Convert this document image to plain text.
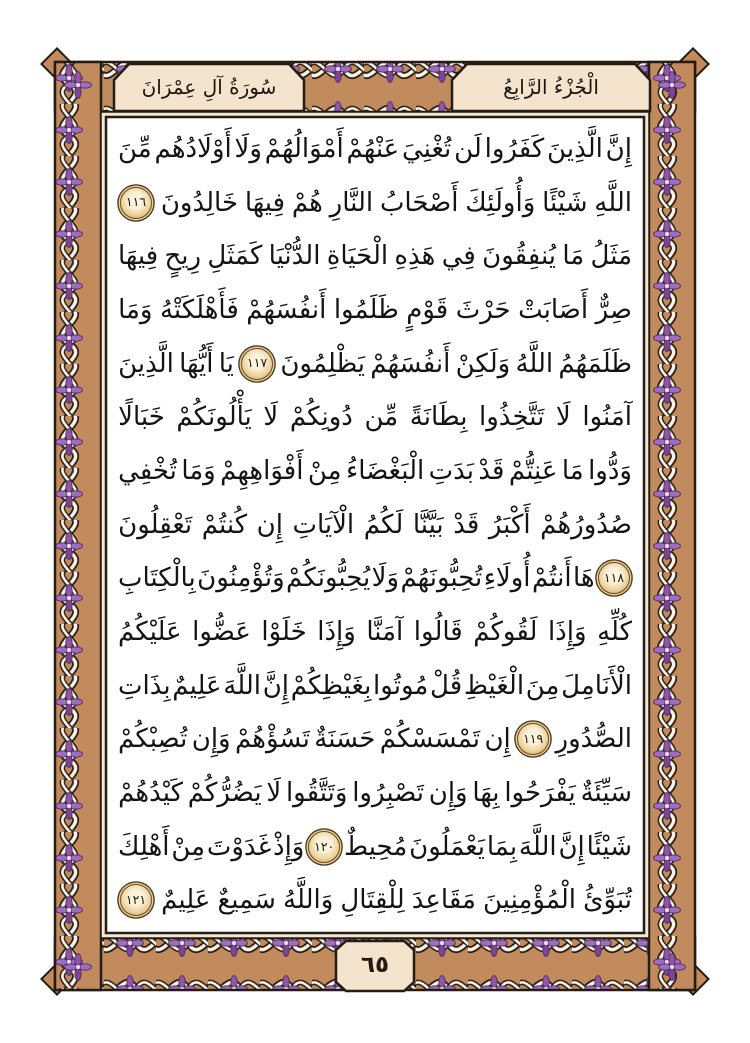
الْجُزْءُ الرَّابِعُ
سُورَةُ آلِ عِمْرَانَ
إِنَّ
الَّذِينَ
كَفَرُوا
لَن
تُغْنِيَ
عَنْهُمْ
أَمْوَالُهُمْ
وَلَا
أَوْلَادُهُم
مِّنَ
اللَّهِ
شَيْئًا
وَأُولَئِكَ
أَصْحَابُ
النَّارِ
هُمْ
فِيهَا
خَالِدُونَ
١١٦
مَثَلُ
مَا
يُنفِقُونَ
فِي
هَذِهِ
الْحَيَاةِ
الدُّنْيَا
كَمَثَلِ
رِيحٍ
فِيهَا
صِرٌّ
أَصَابَتْ
حَرْثَ
قَوْمٍ
ظَلَمُوا
أَنفُسَهُمْ
فَأَهْلَكَتْهُ
وَمَا
ظَلَمَهُمُ
اللَّهُ
وَلَكِنْ
أَنفُسَهُمْ
يَظْلِمُونَ
١١٧
يَا
أَيُّهَا
الَّذِينَ
آمَنُوا
لَا
تَتَّخِذُوا
بِطَانَةً
مِّن
دُونِكُمْ
لَا
يَأْلُونَكُمْ
خَبَالًا
وَدُّوا
مَا
عَنِتُّمْ
قَدْ
بَدَتِ
الْبَغْضَاءُ
مِنْ
أَفْوَاهِهِمْ
وَمَا
تُخْفِي
صُدُورُهُمْ
أَكْبَرُ
قَدْ
بَيَّنَّا
لَكُمُ
الْآيَاتِ
إِن
كُنتُمْ
تَعْقِلُونَ
١١٨
هَا
أَنتُمْ
أُولَاءِ
تُحِبُّونَهُمْ
وَلَا
يُحِبُّونَكُمْ
وَتُؤْمِنُونَ
بِالْكِتَابِ
كُلِّهِ
وَإِذَا
لَقُوكُمْ
قَالُوا
آمَنَّا
وَإِذَا
خَلَوْا
عَضُّوا
عَلَيْكُمُ
الْأَنَامِلَ
مِنَ
الْغَيْظِ
قُلْ
مُوتُوا
بِغَيْظِكُمْ
إِنَّ
اللَّهَ
عَلِيمٌ
بِذَاتِ
الصُّدُورِ
١١٩
إِن
تَمْسَسْكُمْ
حَسَنَةٌ
تَسُؤْهُمْ
وَإِن
تُصِبْكُمْ
سَيِّئَةٌ
يَفْرَحُوا
بِهَا
وَإِن
تَصْبِرُوا
وَتَتَّقُوا
لَا
يَضُرُّكُمْ
كَيْدُهُمْ
شَيْئًا
إِنَّ
اللَّهَ
بِمَا
يَعْمَلُونَ
مُحِيطٌ
١٢٠
وَإِذْ
غَدَوْتَ
مِنْ
أَهْلِكَ
تُبَوِّئُ
الْمُؤْمِنِينَ
مَقَاعِدَ
لِلْقِتَالِ
وَاللَّهُ
سَمِيعٌ
عَلِيمٌ
١٢١
٦٥
